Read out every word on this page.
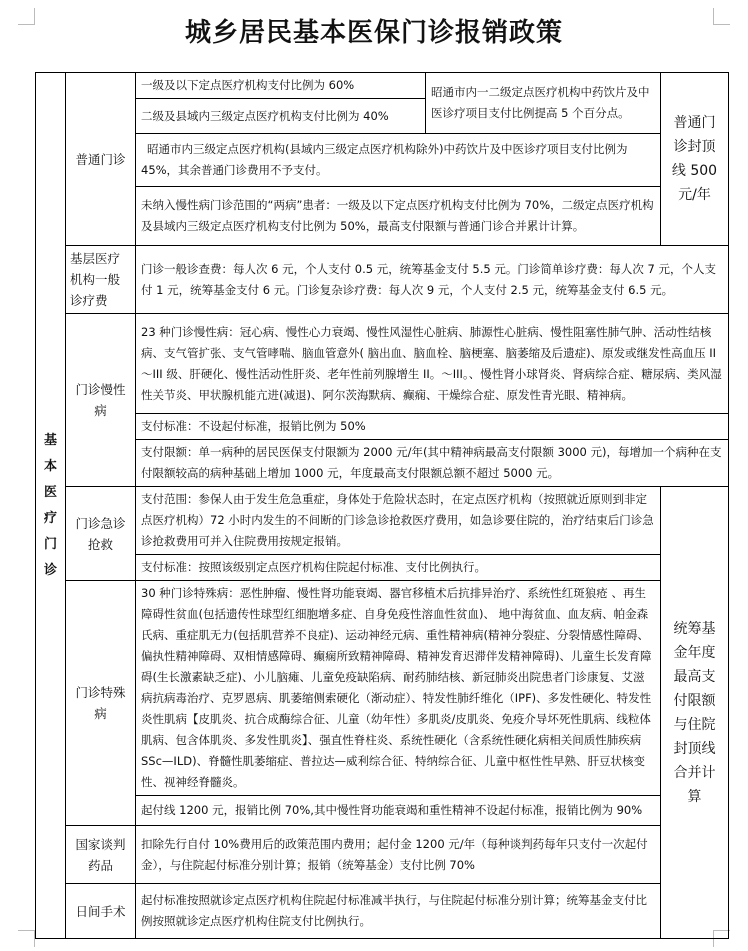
城乡居民基本医保门诊报销政策
基本医疗门诊	普通门诊	一级及以下定点医疗机构支付比例为 60%	昭通市内一二级定点医疗机构中药饮片及中医诊疗项目支付比例提高 5 个百分点。	普通门诊封顶线 500 元/年
		二级及县域内三级定点医疗机构支付比例为 40%		
		昭通市内三级定点医疗机构(县域内三级定点医疗机构除外)中药饮片及中医诊疗项目支付比例为45%，其余普通门诊费用不予支付。		
		未纳入慢性病门诊范围的“两病”患者：一级及以下定点医疗机构支付比例为 70%，二级定点医疗机构及县域内三级定点医疗机构支付比例为 50%，最高支付限额与普通门诊合并累计计算。		
	基层医疗机构一般诊疗费	门诊一般诊查费：每人次 6 元，个人支付 0.5 元，统筹基金支付 5.5 元。门诊简单诊疗费：每人次 7 元，个人支付 1 元，统筹基金支付 6 元。门诊复杂诊疗费：每人次 9 元，个人支付 2.5 元，统筹基金支付 6.5 元。		
	门诊慢性病	23 种门诊慢性病：冠心病、慢性心力衰竭、慢性风湿性心脏病、肺源性心脏病、慢性阻塞性肺气肿、活动性结核病、支气管扩张、支气管哮喘、脑血管意外( 脑出血、脑血栓、脑梗塞、脑萎缩及后遗症)、原发或继发性高血压 II ～III 级、肝硬化、慢性活动性肝炎、老年性前列腺增生 II。～III。、慢性肾小球肾炎、肾病综合症、糖尿病、类风湿性关节炎、甲状腺机能亢进(减退)、阿尔茨海默病、癫痫、干燥综合症、原发性青光眼、精神病。		
		支付标准：不设起付标准，报销比例为 50%		
		支付限额：单一病种的居民医保支付限额为 2000 元/年(其中精神病最高支付限额 3000 元)，每增加一个病种在支付限额较高的病种基础上增加 1000 元，年度最高支付限额总额不超过 5000 元。		
	门诊急诊抢救	支付范围：参保人由于发生危急重症，身体处于危险状态时，在定点医疗机构（按照就近原则到非定点医疗机构）72 小时内发生的不间断的门诊急诊抢救医疗费用，如急诊要住院的，治疗结束后门诊急诊抢救费用可并入住院费用按规定报销。		统筹基金年度最高支付限额与住院封顶线合并计算
		支付标准：按照该级别定点医疗机构住院起付标准、支付比例执行。		
	门诊特殊病	30 种门诊特殊病：恶性肿瘤、慢性肾功能衰竭、器官移植术后抗排异治疗、系统性红斑狼疮 、再生障碍性贫血(包括遗传性球型红细胞增多症、自身免疫性溶血性贫血)、 地中海贫血、血友病、帕金森氏病、重症肌无力(包括肌营养不良症)、运动神经元病、重性精神病(精神分裂症、分裂情感性障碍、偏执性精神障碍、双相情感障碍、癫痫所致精神障碍、精神发育迟滞伴发精神障碍)、儿童生长发育障碍(生长激素缺乏症)、小儿脑瘫、儿童免疫缺陷病、耐药肺结核、新冠肺炎出院患者门诊康复、艾滋病抗病毒治疗、克罗恩病、肌萎缩侧索硬化（渐动症）、特发性肺纤维化（IPF)、多发性硬化、特发性炎性肌病【皮肌炎、抗合成酶综合征、儿童（幼年性）多肌炎/皮肌炎、免疫介导坏死性肌病、线粒体肌病、包含体肌炎、多发性肌炎】、强直性脊柱炎、系统性硬化（含系统性硬化病相关间质性肺疾病 SSc—ILD)、脊髓性肌萎缩症、普拉达—威利综合征、特纳综合征、儿童中枢性性早熟、肝豆状核变性、视神经脊髓炎。		
		起付线 1200 元，报销比例 70%,其中慢性肾功能衰竭和重性精神不设起付标准，报销比例为 90%		
	国家谈判药品	扣除先行自付 10%费用后的政策范围内费用；起付金 1200 元/年（每种谈判药每年只支付一次起付金），与住院起付标准分别计算；报销（统筹基金）支付比例 70%		
	日间手术	起付标准按照就诊定点医疗机构住院起付标准减半执行，与住院起付标准分别计算；统筹基金支付比例按照就诊定点医疗机构住院支付比例执行。		
